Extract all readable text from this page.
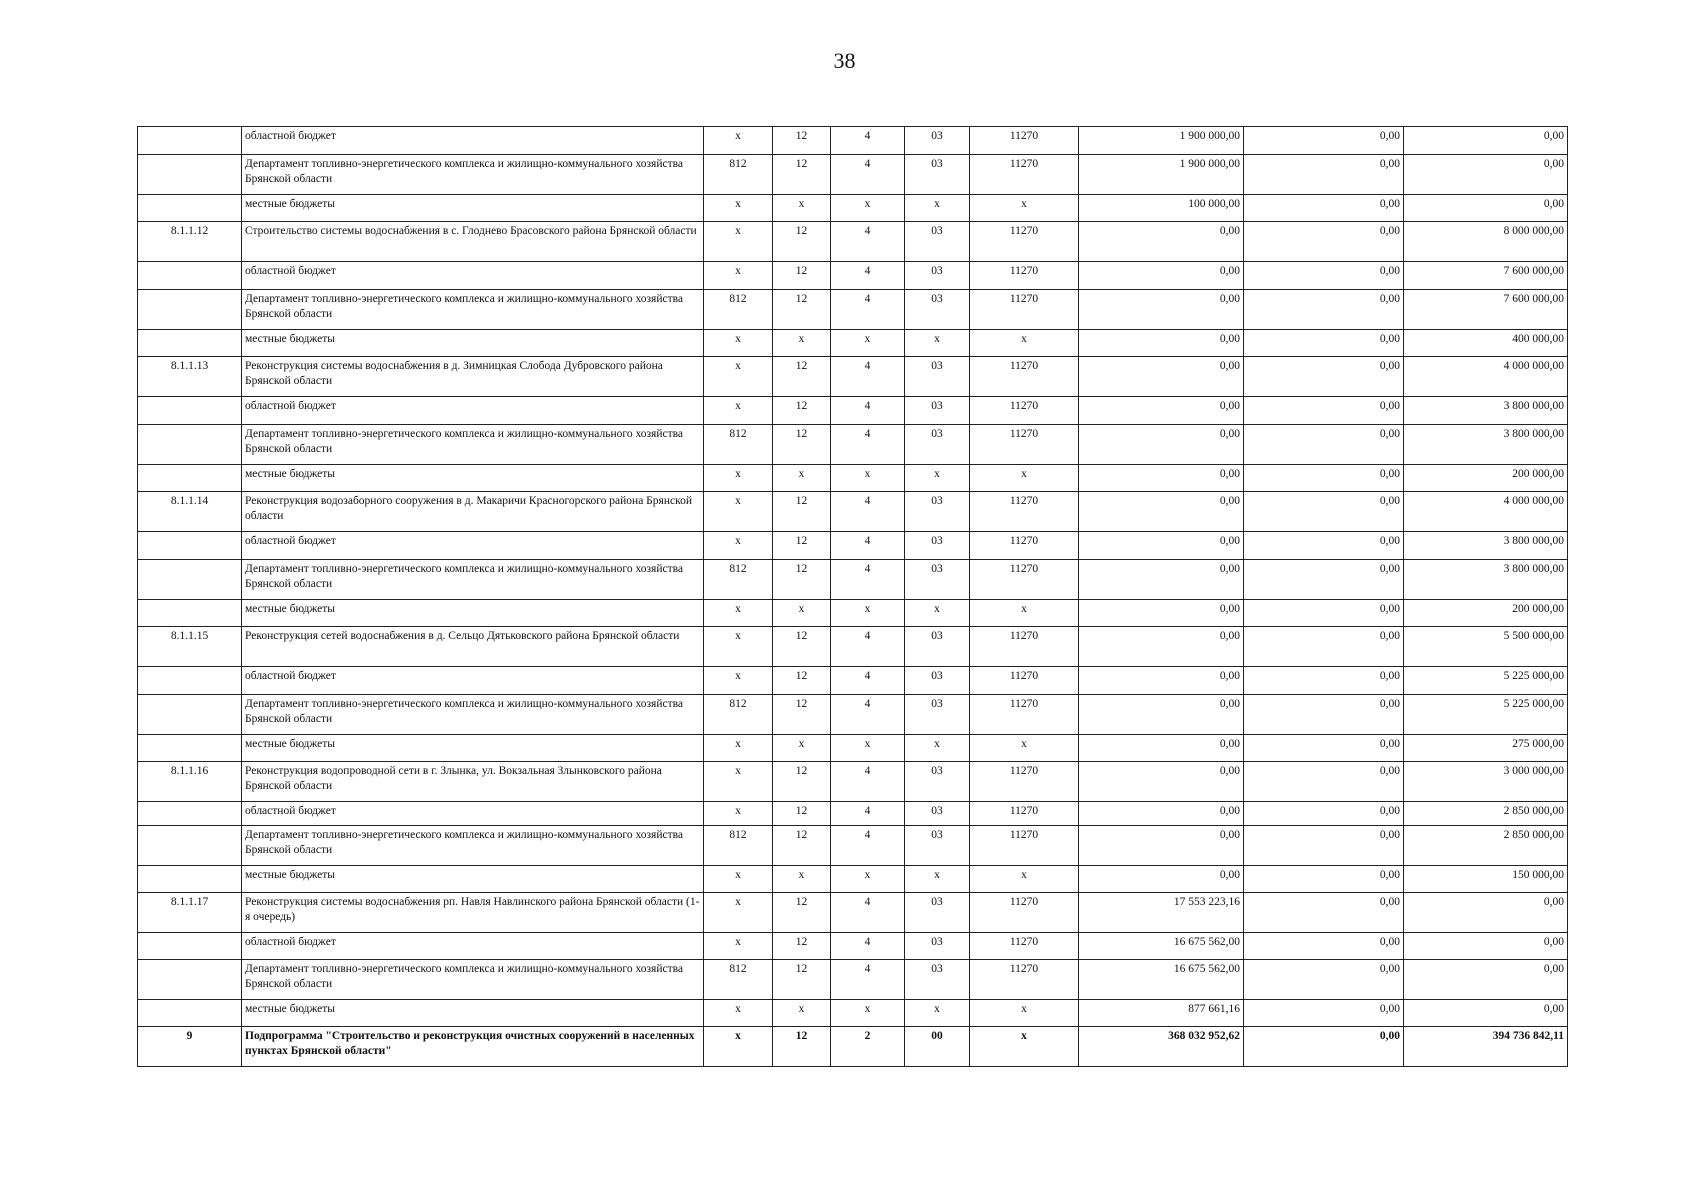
38
	областной бюджет	х	12	4	03	11270	1 900 000,00	0,00	0,00
	Департамент топливно-энергетического комплекса и жилищно-коммунального хозяйства Брянской области	812	12	4	03	11270	1 900 000,00	0,00	0,00
	местные бюджеты	х	х	х	х	х	100 000,00	0,00	0,00
8.1.1.12	Строительство системы водоснабжения в с. Глоднево Брасовского района Брянской области	х	12	4	03	11270	0,00	0,00	8 000 000,00
	областной бюджет	х	12	4	03	11270	0,00	0,00	7 600 000,00
	Департамент топливно-энергетического комплекса и жилищно-коммунального хозяйства Брянской области	812	12	4	03	11270	0,00	0,00	7 600 000,00
	местные бюджеты	х	х	х	х	х	0,00	0,00	400 000,00
8.1.1.13	Реконструкция системы водоснабжения в д. Зимницкая Слобода Дубровского района Брянской области	х	12	4	03	11270	0,00	0,00	4 000 000,00
	областной бюджет	х	12	4	03	11270	0,00	0,00	3 800 000,00
	Департамент топливно-энергетического комплекса и жилищно-коммунального хозяйства Брянской области	812	12	4	03	11270	0,00	0,00	3 800 000,00
	местные бюджеты	х	х	х	х	х	0,00	0,00	200 000,00
8.1.1.14	Реконструкция водозаборного сооружения в д. Макаричи Красногорского района Брянской области	х	12	4	03	11270	0,00	0,00	4 000 000,00
	областной бюджет	х	12	4	03	11270	0,00	0,00	3 800 000,00
	Департамент топливно-энергетического комплекса и жилищно-коммунального хозяйства Брянской области	812	12	4	03	11270	0,00	0,00	3 800 000,00
	местные бюджеты	х	х	х	х	х	0,00	0,00	200 000,00
8.1.1.15	Реконструкция сетей водоснабжения в д. Сельцо Дятьковского района Брянской области	х	12	4	03	11270	0,00	0,00	5 500 000,00
	областной бюджет	х	12	4	03	11270	0,00	0,00	5 225 000,00
	Департамент топливно-энергетического комплекса и жилищно-коммунального хозяйства Брянской области	812	12	4	03	11270	0,00	0,00	5 225 000,00
	местные бюджеты	х	х	х	х	х	0,00	0,00	275 000,00
8.1.1.16	Реконструкция водопроводной сети в г. Злынка, ул. Вокзальная Злынковского района Брянской области	х	12	4	03	11270	0,00	0,00	3 000 000,00
	областной бюджет	х	12	4	03	11270	0,00	0,00	2 850 000,00
	Департамент топливно-энергетического комплекса и жилищно-коммунального хозяйства Брянской области	812	12	4	03	11270	0,00	0,00	2 850 000,00
	местные бюджеты	х	х	х	х	х	0,00	0,00	150 000,00
8.1.1.17	Реконструкция системы водоснабжения рп. Навля Навлинского района Брянской области (1-я очередь)	х	12	4	03	11270	17 553 223,16	0,00	0,00
	областной бюджет	х	12	4	03	11270	16 675 562,00	0,00	0,00
	Департамент топливно-энергетического комплекса и жилищно-коммунального хозяйства Брянской области	812	12	4	03	11270	16 675 562,00	0,00	0,00
	местные бюджеты	х	х	х	х	х	877 661,16	0,00	0,00
9	Подпрограмма "Строительство и реконструкция очистных сооружений в населенных пунктах Брянской области"	х	12	2	00	х	368 032 952,62	0,00	394 736 842,11
